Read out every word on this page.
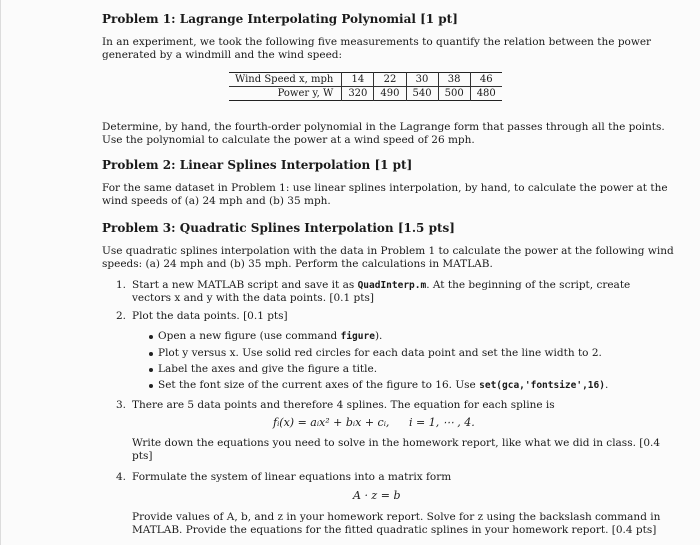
Problem 1: Lagrange Interpolating Polynomial [1 pt]
In an experiment, we took the following five measurements to quantify the relation between the power
generated by a windmill and the wind speed:
Wind Speed x, mph	14	22	30	38	46
Power y, W	320	490	540	500	480
Determine, by hand, the fourth-order polynomial in the Lagrange form that passes through all the points.
Use the polynomial to calculate the power at a wind speed of 26 mph.
Problem 2: Linear Splines Interpolation [1 pt]
For the same dataset in Problem 1: use linear splines interpolation, by hand, to calculate the power at the
wind speeds of (a) 24 mph and (b) 35 mph.
Problem 3: Quadratic Splines Interpolation [1.5 pts]
Use quadratic splines interpolation with the data in Problem 1 to calculate the power at the following wind
speeds: (a) 24 mph and (b) 35 mph. Perform the calculations in MATLAB.
1. Start a new MATLAB script and save it as QuadInterp.m. At the beginning of the script, create
vectors x and y with the data points. [0.1 pts]
2. Plot the data points. [0.1 pts]
Open a new figure (use command figure).
Plot y versus x. Use solid red circles for each data point and set the line width to 2.
Label the axes and give the figure a title.
Set the font size of the current axes of the figure to 16. Use set(gca,'fontsize',16).
3. There are 5 data points and therefore 4 splines. The equation for each spline is
fᵢ(x) = aᵢx² + bᵢx + cᵢ, i = 1, ⋯ , 4.
Write down the equations you need to solve in the homework report, like what we did in class. [0.4
pts]
4. Formulate the system of linear equations into a matrix form
A · z = b
Provide values of A, b, and z in your homework report. Solve for z using the backslash command in
MATLAB. Provide the equations for the fitted quadratic splines in your homework report. [0.4 pts]
